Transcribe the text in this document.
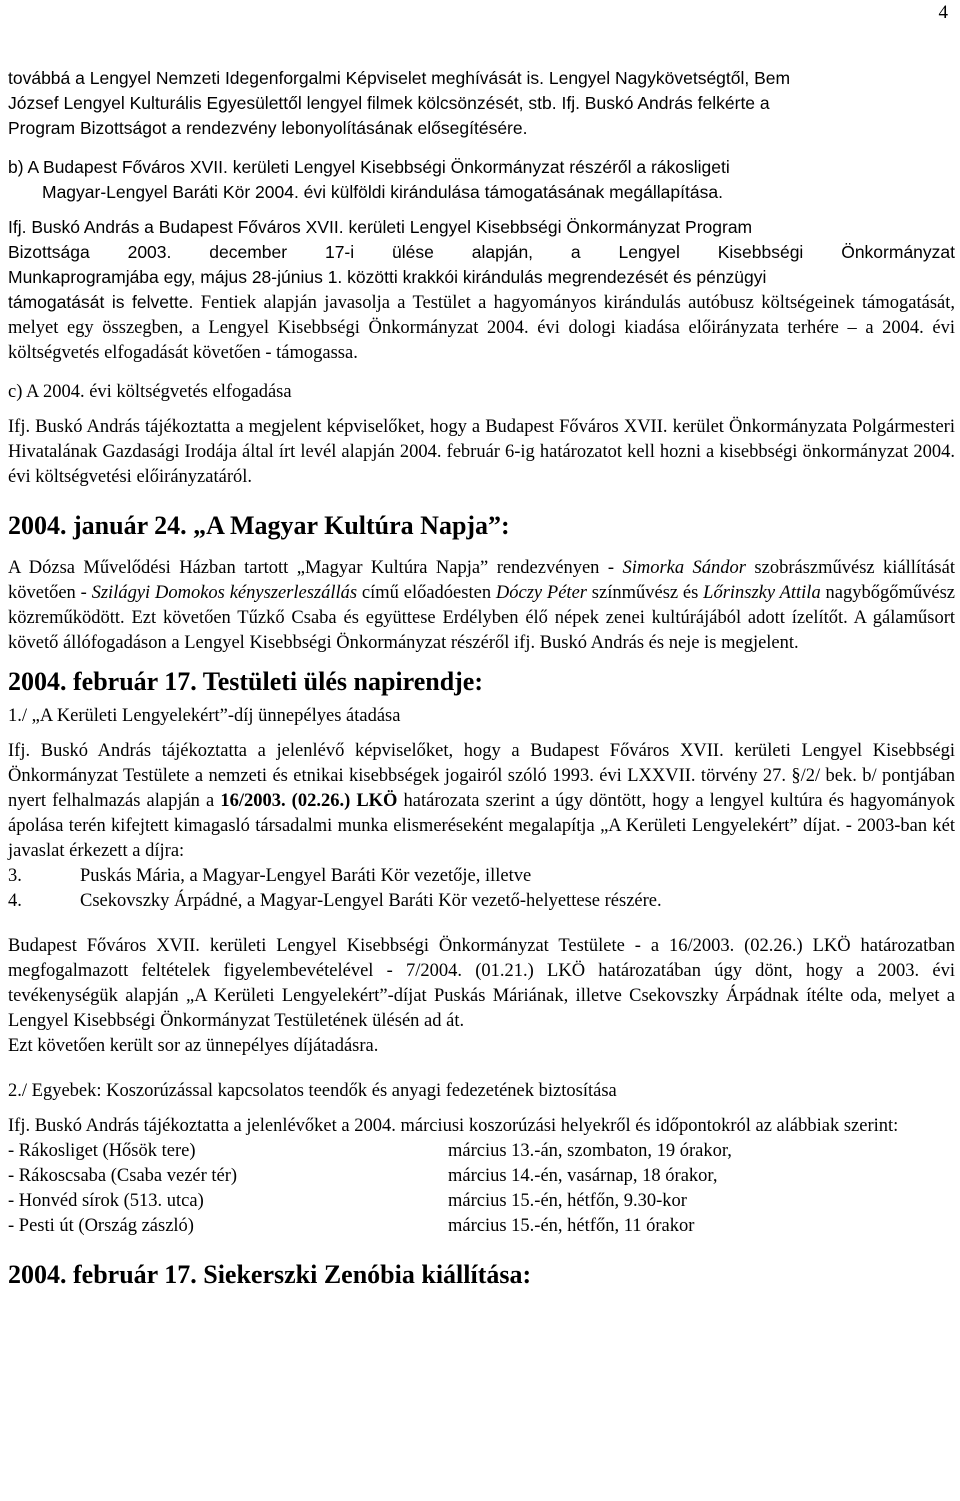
4

továbbá a Lengyel Nemzeti Idegenforgalmi Képviselet meghívását is. Lengyel Nagykövetségtől, Bem

József Lengyel Kulturális Egyesülettől lengyel filmek kölcsönzését, stb. Ifj. Buskó András felkérte a

Program Bizottságot a rendezvény lebonyolításának elősegítésére.

b) A Budapest Főváros XVII. kerületi Lengyel Kisebbségi Önkormányzat részéről a rákosligeti

Magyar-Lengyel Baráti Kör 2004. évi külföldi kirándulása támogatásának megállapítása.

Ifj. Buskó András a Budapest Főváros XVII. kerületi Lengyel Kisebbségi Önkormányzat Program

Bizottsága 2003. december 17-i ülése alapján, a Lengyel Kisebbségi Önkormányzat

Munkaprogramjába egy, május 28-június 1. közötti krakkói kirándulás megrendezését és pénzügyi

támogatását is felvette. Fentiek alapján javasolja a Testület a hagyományos kirándulás autóbusz költségeinek támogatását, melyet egy összegben, a Lengyel Kisebbségi Önkormányzat 2004. évi dologi kiadása előirányzata terhére – a 2004. évi költségvetés elfogadását követően - támogassa.

c) A 2004. évi költségvetés elfogadása

Ifj. Buskó András tájékoztatta a megjelent képviselőket, hogy a Budapest Főváros XVII. kerület Önkormányzata Polgármesteri Hivatalának Gazdasági Irodája által írt levél alapján 2004. február 6-ig határozatot kell hozni a kisebbségi önkormányzat 2004. évi költségvetési előirányzatáról.

2004. január 24. „A Magyar Kultúra Napja”:

A Dózsa Művelődési Házban tartott „Magyar Kultúra Napja” rendezvényen - Simorka Sándor szobrászművész kiállítását követően - Szilágyi Domokos kényszerleszállás című előadóesten Dóczy Péter színművész és Lőrinszky Attila nagybőgőművész közreműködött. Ezt követően Tűzkő Csaba és együttese Erdélyben élő népek zenei kultúrájából adott ízelítőt. A gálaműsort követő állófogadáson a Lengyel Kisebbségi Önkormányzat részéről ifj. Buskó András és neje is megjelent.

2004. február 17. Testületi ülés napirendje:

1./ „A Kerületi Lengyelekért”-díj ünnepélyes átadása

Ifj. Buskó András tájékoztatta a jelenlévő képviselőket, hogy a Budapest Főváros XVII. kerületi Lengyel Kisebbségi Önkormányzat Testülete a nemzeti és etnikai kisebbségek jogairól szóló 1993. évi LXXVII. törvény 27. §/2/ bek. b/ pontjában nyert felhalmazás alapján a 16/2003. (02.26.) LKÖ határozata szerint a úgy döntött, hogy a lengyel kultúra és hagyományok ápolása terén kifejtett kimagasló társadalmi munka elismeréseként megalapítja „A Kerületi Lengyelekért” díjat. - 2003-ban két javaslat érkezett a díjra:

3.	Puskás Mária, a Magyar-Lengyel Baráti Kör vezetője, illetve
4.	Csekovszky Árpádné, a Magyar-Lengyel Baráti Kör vezető-helyettese részére.

Budapest Főváros XVII. kerületi Lengyel Kisebbségi Önkormányzat Testülete - a 16/2003. (02.26.) LKÖ határozatban megfogalmazott feltételek figyelembevételével - 7/2004. (01.21.) LKÖ határozatában úgy dönt, hogy a 2003. évi tevékenységük alapján „A Kerületi Lengyelekért”-díjat Puskás Máriának, illetve Csekovszky Árpádnak ítélte oda, melyet a Lengyel Kisebbségi Önkormányzat Testületének ülésén ad át.

Ezt követően került sor az ünnepélyes díjátadásra.

2./ Egyebek: Koszorúzással kapcsolatos teendők és anyagi fedezetének biztosítása

Ifj. Buskó András tájékoztatta a jelenlévőket a 2004. márciusi koszorúzási helyekről és időpontokról az alábbiak szerint:

- Rákosliget (Hősök tere)	március 13.-án, szombaton, 19 órakor,
- Rákoscsaba (Csaba vezér tér)	március 14.-én, vasárnap, 18 órakor,
- Honvéd sírok (513. utca)	március 15.-én, hétfőn, 9.30-kor
- Pesti út (Ország zászló)	március 15.-én, hétfőn, 11 órakor

2004. február 17. Siekerszki Zenóbia kiállítása:
